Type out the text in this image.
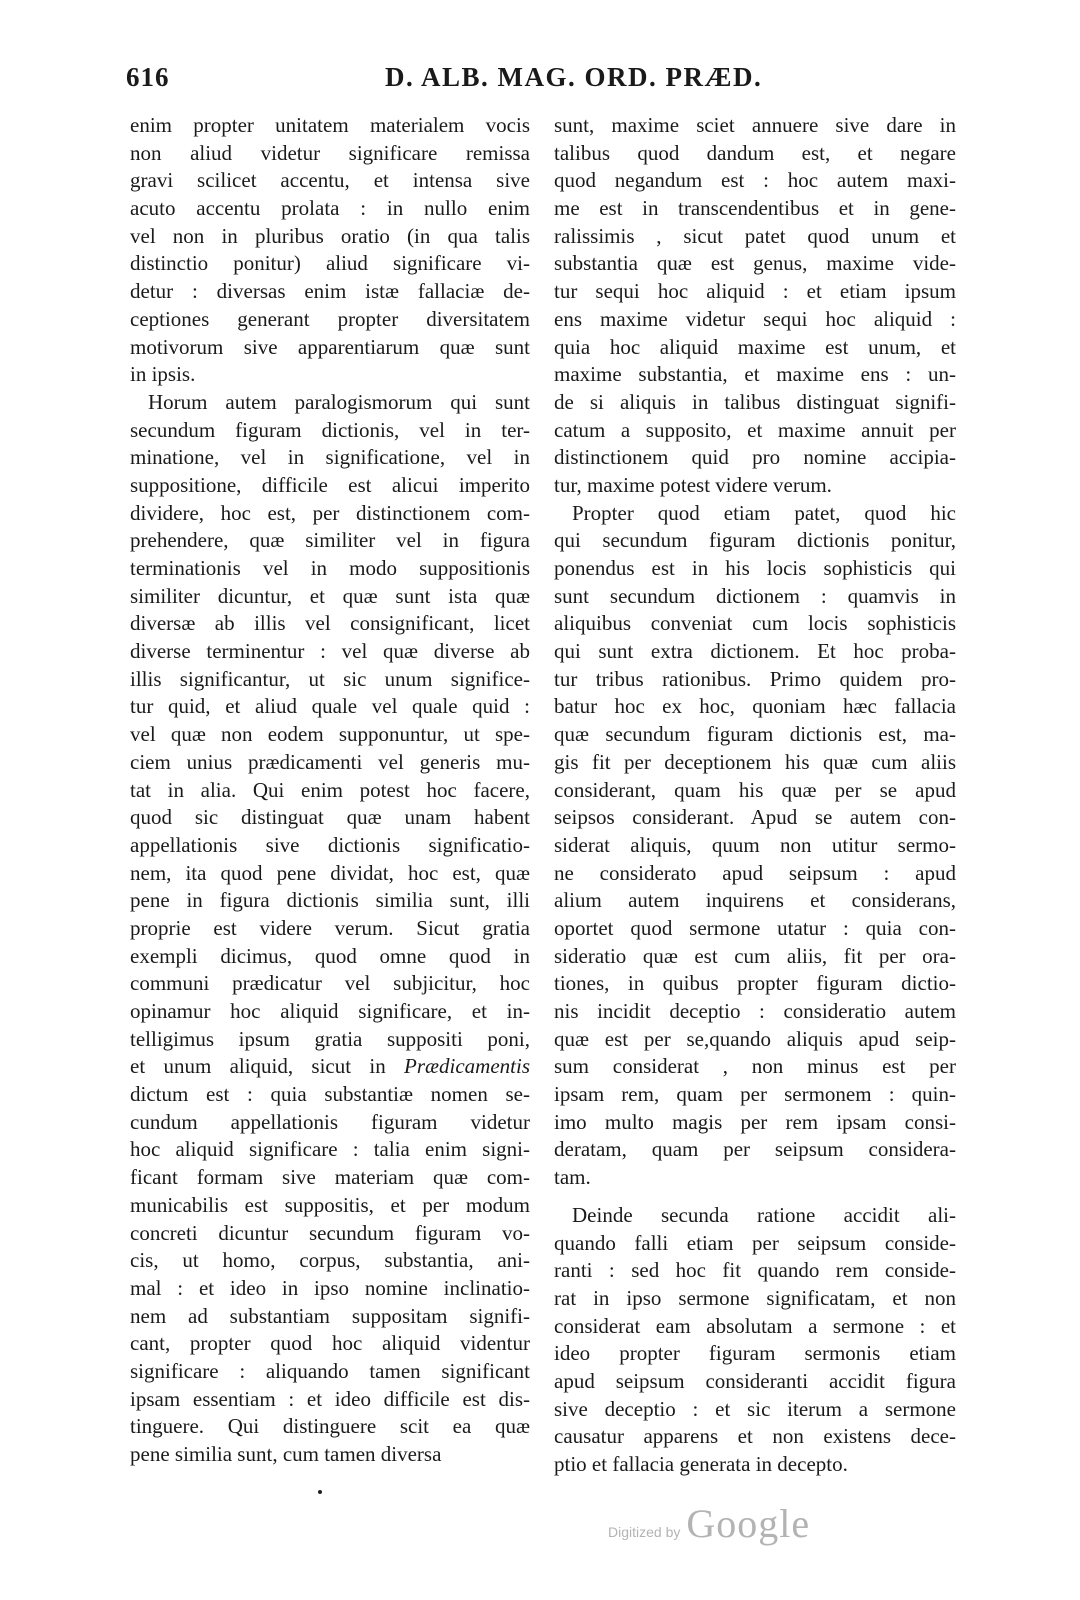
616	D. ALB. MAG. ORD. PRÆD.
enim propter unitatem materialem vocis
non aliud videtur significare remissa
gravi scilicet accentu, et intensa sive
acuto accentu prolata : in nullo enim
vel non in pluribus oratio (in qua talis
distinctio ponitur) aliud significare vi-
detur : diversas enim istæ fallaciæ de-
ceptiones generant propter diversitatem
motivorum sive apparentiarum quæ sunt
in ipsis.
Horum autem paralogismorum qui sunt
secundum figuram dictionis, vel in ter-
minatione, vel in significatione, vel in
suppositione, difficile est alicui imperito
dividere, hoc est, per distinctionem com-
prehendere, quæ similiter vel in figura
terminationis vel in modo suppositionis
similiter dicuntur, et quæ sunt ista quæ
diversæ ab illis vel consignificant, licet
diverse terminentur : vel quæ diverse ab
illis significantur, ut sic unum significe-
tur quid, et aliud quale vel quale quid :
vel quæ non eodem supponuntur, ut spe-
ciem unius prædicamenti vel generis mu-
tat in alia. Qui enim potest hoc facere,
quod sic distinguat quæ unam habent
appellationis sive dictionis significatio-
nem, ita quod pene dividat, hoc est, quæ
pene in figura dictionis similia sunt, illi
proprie est videre verum. Sicut gratia
exempli dicimus, quod omne quod in
communi prædicatur vel subjicitur, hoc
opinamur hoc aliquid significare, et in-
telligimus ipsum gratia suppositi poni,
et unum aliquid, sicut in Prædicamentis
dictum est : quia substantiæ nomen se-
cundum appellationis figuram videtur
hoc aliquid significare : talia enim signi-
ficant formam sive materiam quæ com-
municabilis est suppositis, et per modum
concreti dicuntur secundum figuram vo-
cis, ut homo, corpus, substantia, ani-
mal : et ideo in ipso nomine inclinatio-
nem ad substantiam suppositam signifi-
cant, propter quod hoc aliquid videntur
significare : aliquando tamen significant
ipsam essentiam : et ideo difficile est dis-
tinguere. Qui distinguere scit ea quæ
pene similia sunt, cum tamen diversa
sunt, maxime sciet annuere sive dare in
talibus quod dandum est, et negare
quod negandum est : hoc autem maxi-
me est in transcendentibus et in gene-
ralissimis , sicut patet quod unum et
substantia quæ est genus, maxime vide-
tur sequi hoc aliquid : et etiam ipsum
ens maxime videtur sequi hoc aliquid :
quia hoc aliquid maxime est unum, et
maxime substantia, et maxime ens : un-
de si aliquis in talibus distinguat signifi-
catum a supposito, et maxime annuit per
distinctionem quid pro nomine accipia-
tur, maxime potest videre verum.
Propter quod etiam patet, quod hic
qui secundum figuram dictionis ponitur,
ponendus est in his locis sophisticis qui
sunt secundum dictionem : quamvis in
aliquibus conveniat cum locis sophisticis
qui sunt extra dictionem. Et hoc proba-
tur tribus rationibus. Primo quidem pro-
batur hoc ex hoc, quoniam hæc fallacia
quæ secundum figuram dictionis est, ma-
gis fit per deceptionem his quæ cum aliis
considerant, quam his quæ per se apud
seipsos considerant. Apud se autem con-
siderat aliquis, quum non utitur sermo-
ne considerato apud seipsum : apud
alium autem inquirens et considerans,
oportet quod sermone utatur : quia con-
sideratio quæ est cum aliis, fit per ora-
tiones, in quibus propter figuram dictio-
nis incidit deceptio : consideratio autem
quæ est per se,quando aliquis apud seip-
sum considerat , non minus est per
ipsam rem, quam per sermonem : quin-
imo multo magis per rem ipsam consi-
deratam, quam per seipsum considera-
tam.
Deinde secunda ratione accidit ali-
quando falli etiam per seipsum conside-
ranti : sed hoc fit quando rem conside-
rat in ipso sermone significatam, et non
considerat eam absolutam a sermone : et
ideo propter figuram sermonis etiam
apud seipsum consideranti accidit figura
sive deceptio : et sic iterum a sermone
causatur apparens et non existens dece-
ptio et fallacia generata in decepto.
Digitized by Google
